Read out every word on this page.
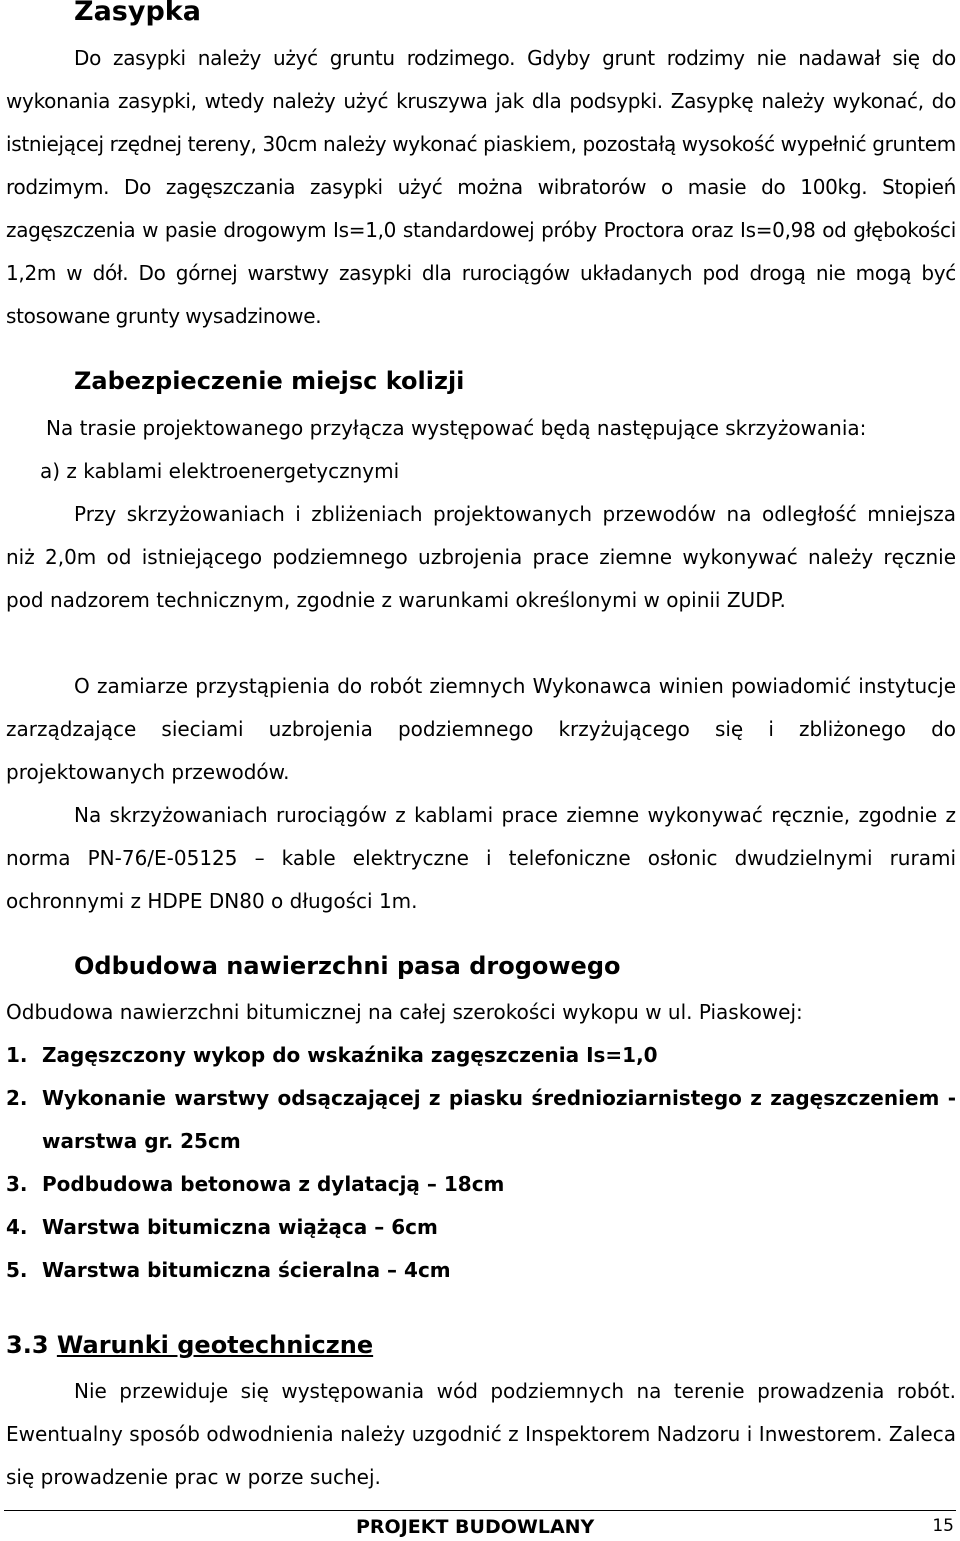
Zasypka

Do zasypki należy użyć gruntu rodzimego. Gdyby grunt rodzimy nie nadawał się do wykonania zasypki, wtedy należy użyć kruszywa jak dla podsypki. Zasypkę należy wykonać, do istniejącej rzędnej tereny, 30cm należy wykonać piaskiem, pozostałą wysokość wypełnić gruntem rodzimym. Do zagęszczania zasypki użyć można wibratorów o masie do 100kg. Stopień zagęszczenia w pasie drogowym Is=1,0 standardowej próby Proctora oraz Is=0,98 od głębokości 1,2m w dół. Do górnej warstwy zasypki dla rurociągów układanych pod drogą nie mogą być stosowane grunty wysadzinowe.

Zabezpieczenie miejsc kolizji

Na trasie projektowanego przyłącza występować będą następujące skrzyżowania:

a) z kablami elektroenergetycznymi

Przy skrzyżowaniach i zbliżeniach projektowanych przewodów na odległość mniejsza niż 2,0m od istniejącego podziemnego uzbrojenia prace ziemne wykonywać należy ręcznie pod nadzorem technicznym, zgodnie z warunkami określonymi w opinii ZUDP.

O zamiarze przystąpienia do robót ziemnych Wykonawca winien powiadomić instytucje zarządzające sieciami uzbrojenia podziemnego krzyżującego się i zbliżonego do projektowanych przewodów.

Na skrzyżowaniach rurociągów z kablami prace ziemne wykonywać ręcznie, zgodnie z norma PN-76/E-05125 – kable elektryczne i telefoniczne osłonic dwudzielnymi rurami ochronnymi z HDPE DN80 o długości 1m.

Odbudowa nawierzchni pasa drogowego

Odbudowa nawierzchni bitumicznej na całej szerokości wykopu w ul. Piaskowej:

1. Zagęszczony wykop do wskaźnika zagęszczenia Is=1,0
2. Wykonanie warstwy odsączającej z piasku średnioziarnistego z zagęszczeniem - warstwa gr. 25cm
3. Podbudowa betonowa z dylatacją – 18cm
4. Warstwa bitumiczna wiążąca – 6cm
5. Warstwa bitumiczna ścieralna – 4cm
3.3 Warunki geotechniczne

Nie przewiduje się występowania wód podziemnych na terenie prowadzenia robót. Ewentualny sposób odwodnienia należy uzgodnić z Inspektorem Nadzoru i Inwestorem. Zaleca się prowadzenie prac w porze suchej.

PROJEKT BUDOWLANY	15
